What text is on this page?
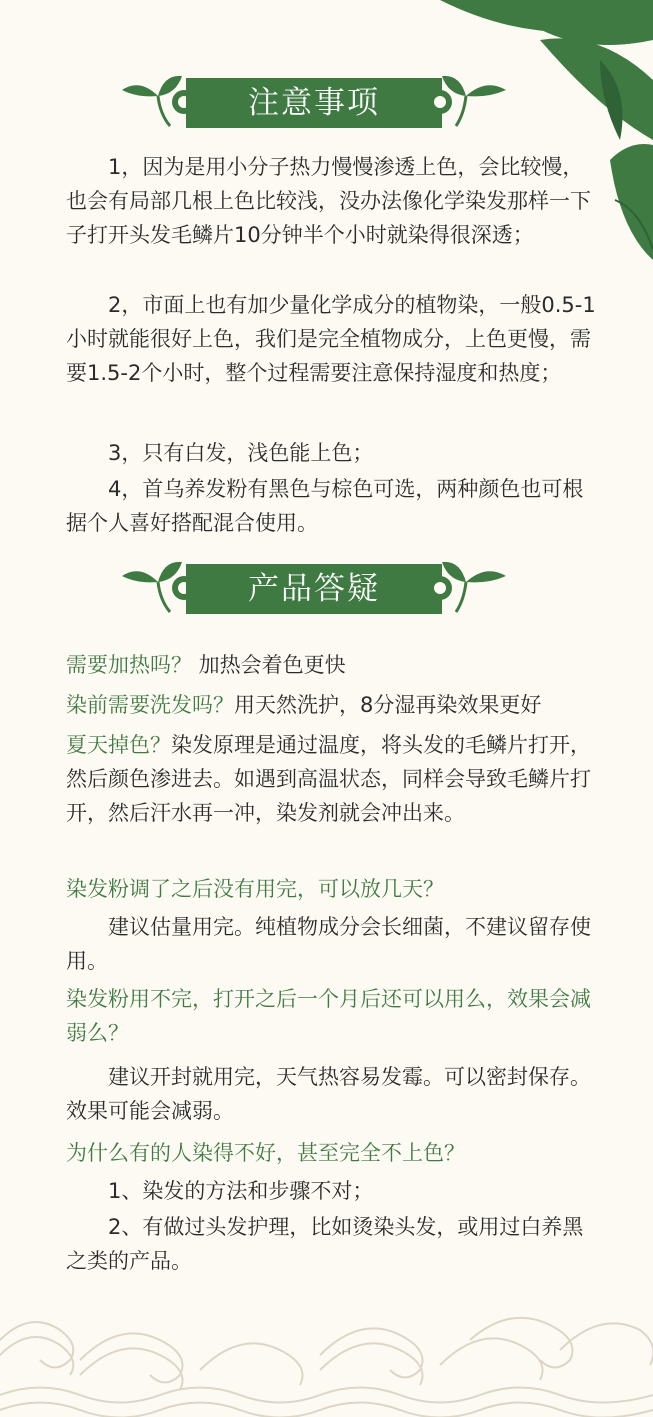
注意事项

1，因为是用小分子热力慢慢渗透上色，会比较慢，也会有局部几根上色比较浅，没办法像化学染发那样一下子打开头发毛鳞片10分钟半个小时就染得很深透；

2，市面上也有加少量化学成分的植物染，一般0.5-1小时就能很好上色，我们是完全植物成分，上色更慢，需要1.5-2个小时，整个过程需要注意保持湿度和热度；

3，只有白发，浅色能上色；

4，首乌养发粉有黑色与棕色可选，两种颜色也可根据个人喜好搭配混合使用。

产品答疑

需要加热吗？ 加热会着色更快

染前需要洗发吗？用天然洗护，8分湿再染效果更好

夏天掉色？染发原理是通过温度，将头发的毛鳞片打开，然后颜色渗进去。如遇到高温状态，同样会导致毛鳞片打开，然后汗水再一冲，染发剂就会冲出来。

染发粉调了之后没有用完，可以放几天？

建议估量用完。纯植物成分会长细菌，不建议留存使用。

染发粉用不完，打开之后一个月后还可以用么，效果会减弱么？

建议开封就用完，天气热容易发霉。可以密封保存。效果可能会减弱。

为什么有的人染得不好，甚至完全不上色？

1、染发的方法和步骤不对；

2、有做过头发护理，比如烫染头发，或用过白养黑之类的产品。
